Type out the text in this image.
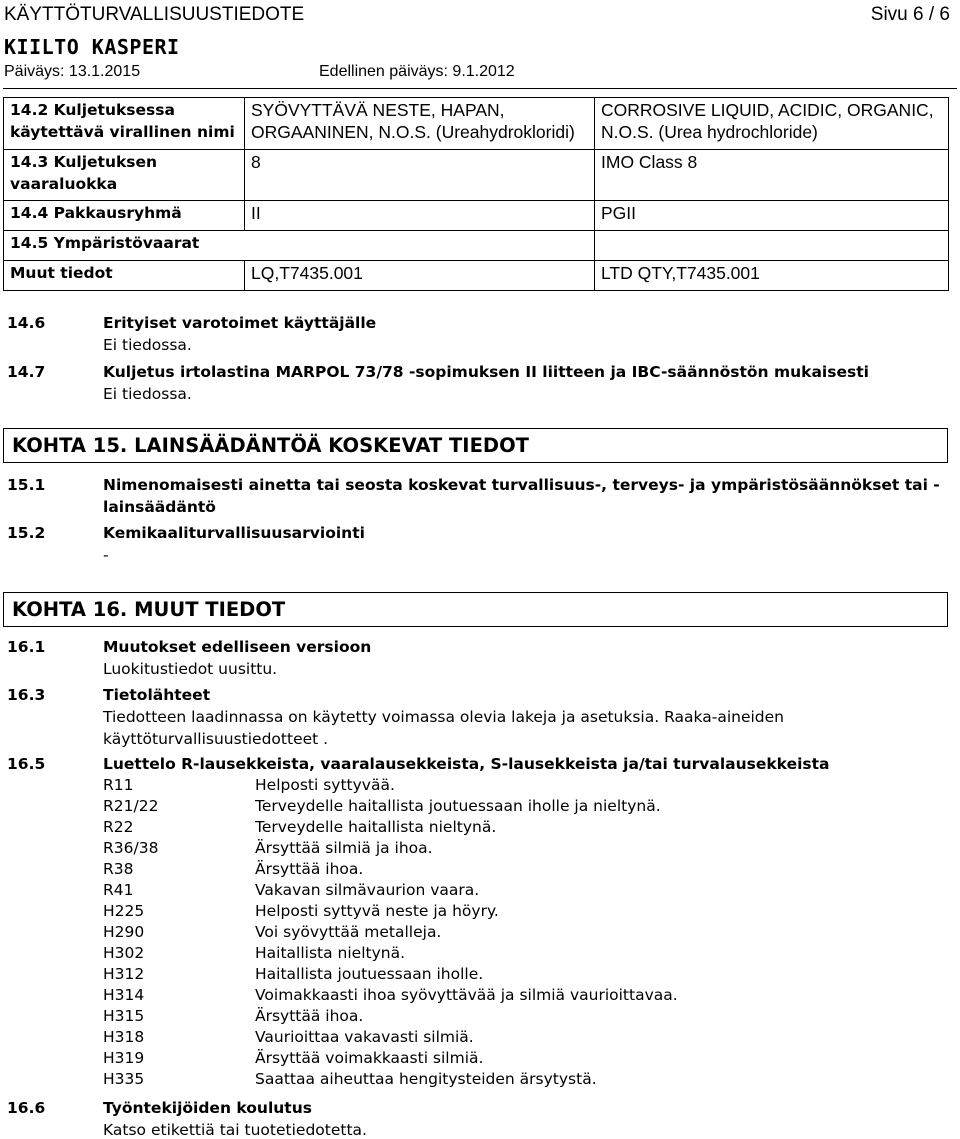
KÄYTTÖTURVALLISUUSTIEDOTE	Sivu 6 / 6
KIILTO KASPERI
Päiväys: 13.1.2015	Edellinen päiväys: 9.1.2012
14.2 Kuljetuksessa käytettävä virallinen nimi	SYÖVYTTÄVÄ NESTE, HAPAN, ORGAANINEN, N.O.S. (Ureahydrokloridi)	CORROSIVE LIQUID, ACIDIC, ORGANIC, N.O.S. (Urea hydrochloride)
14.3 Kuljetuksen vaaraluokka	8	IMO Class 8
14.4 Pakkausryhmä	II	PGII
14.5 Ympäristövaarat		
Muut tiedot	LQ,T7435.001	LTD QTY,T7435.001
14.6	Erityiset varotoimet käyttäjälle
Ei tiedossa.
14.7	Kuljetus irtolastina MARPOL 73/78 -sopimuksen II liitteen ja IBC-säännöstön mukaisesti
Ei tiedossa.
KOHTA 15. LAINSÄÄDÄNTÖÄ KOSKEVAT TIEDOT
15.1	Nimenomaisesti ainetta tai seosta koskevat turvallisuus-, terveys- ja ympäristösäännökset tai -
lainsäädäntö
15.2	Kemikaaliturvallisuusarviointi
-
KOHTA 16. MUUT TIEDOT
16.1	Muutokset edelliseen versioon
Luokitustiedot uusittu.
16.3	Tietolähteet
Tiedotteen laadinnassa on käytetty voimassa olevia lakeja ja asetuksia. Raaka-aineiden
käyttöturvallisuustiedotteet .
16.5	Luettelo R-lausekkeista, vaaralausekkeista, S-lausekkeista ja/tai turvalausekkeista
R11	Helposti syttyvää.
R21/22	Terveydelle haitallista joutuessaan iholle ja nieltynä.
R22	Terveydelle haitallista nieltynä.
R36/38	Ärsyttää silmiä ja ihoa.
R38	Ärsyttää ihoa.
R41	Vakavan silmävaurion vaara.
H225	Helposti syttyvä neste ja höyry.
H290	Voi syövyttää metalleja.
H302	Haitallista nieltynä.
H312	Haitallista joutuessaan iholle.
H314	Voimakkaasti ihoa syövyttävää ja silmiä vaurioittavaa.
H315	Ärsyttää ihoa.
H318	Vaurioittaa vakavasti silmiä.
H319	Ärsyttää voimakkaasti silmiä.
H335	Saattaa aiheuttaa hengitysteiden ärsytystä.
16.6	Työntekijöiden koulutus
Katso etikettiä tai tuotetiedotetta.
